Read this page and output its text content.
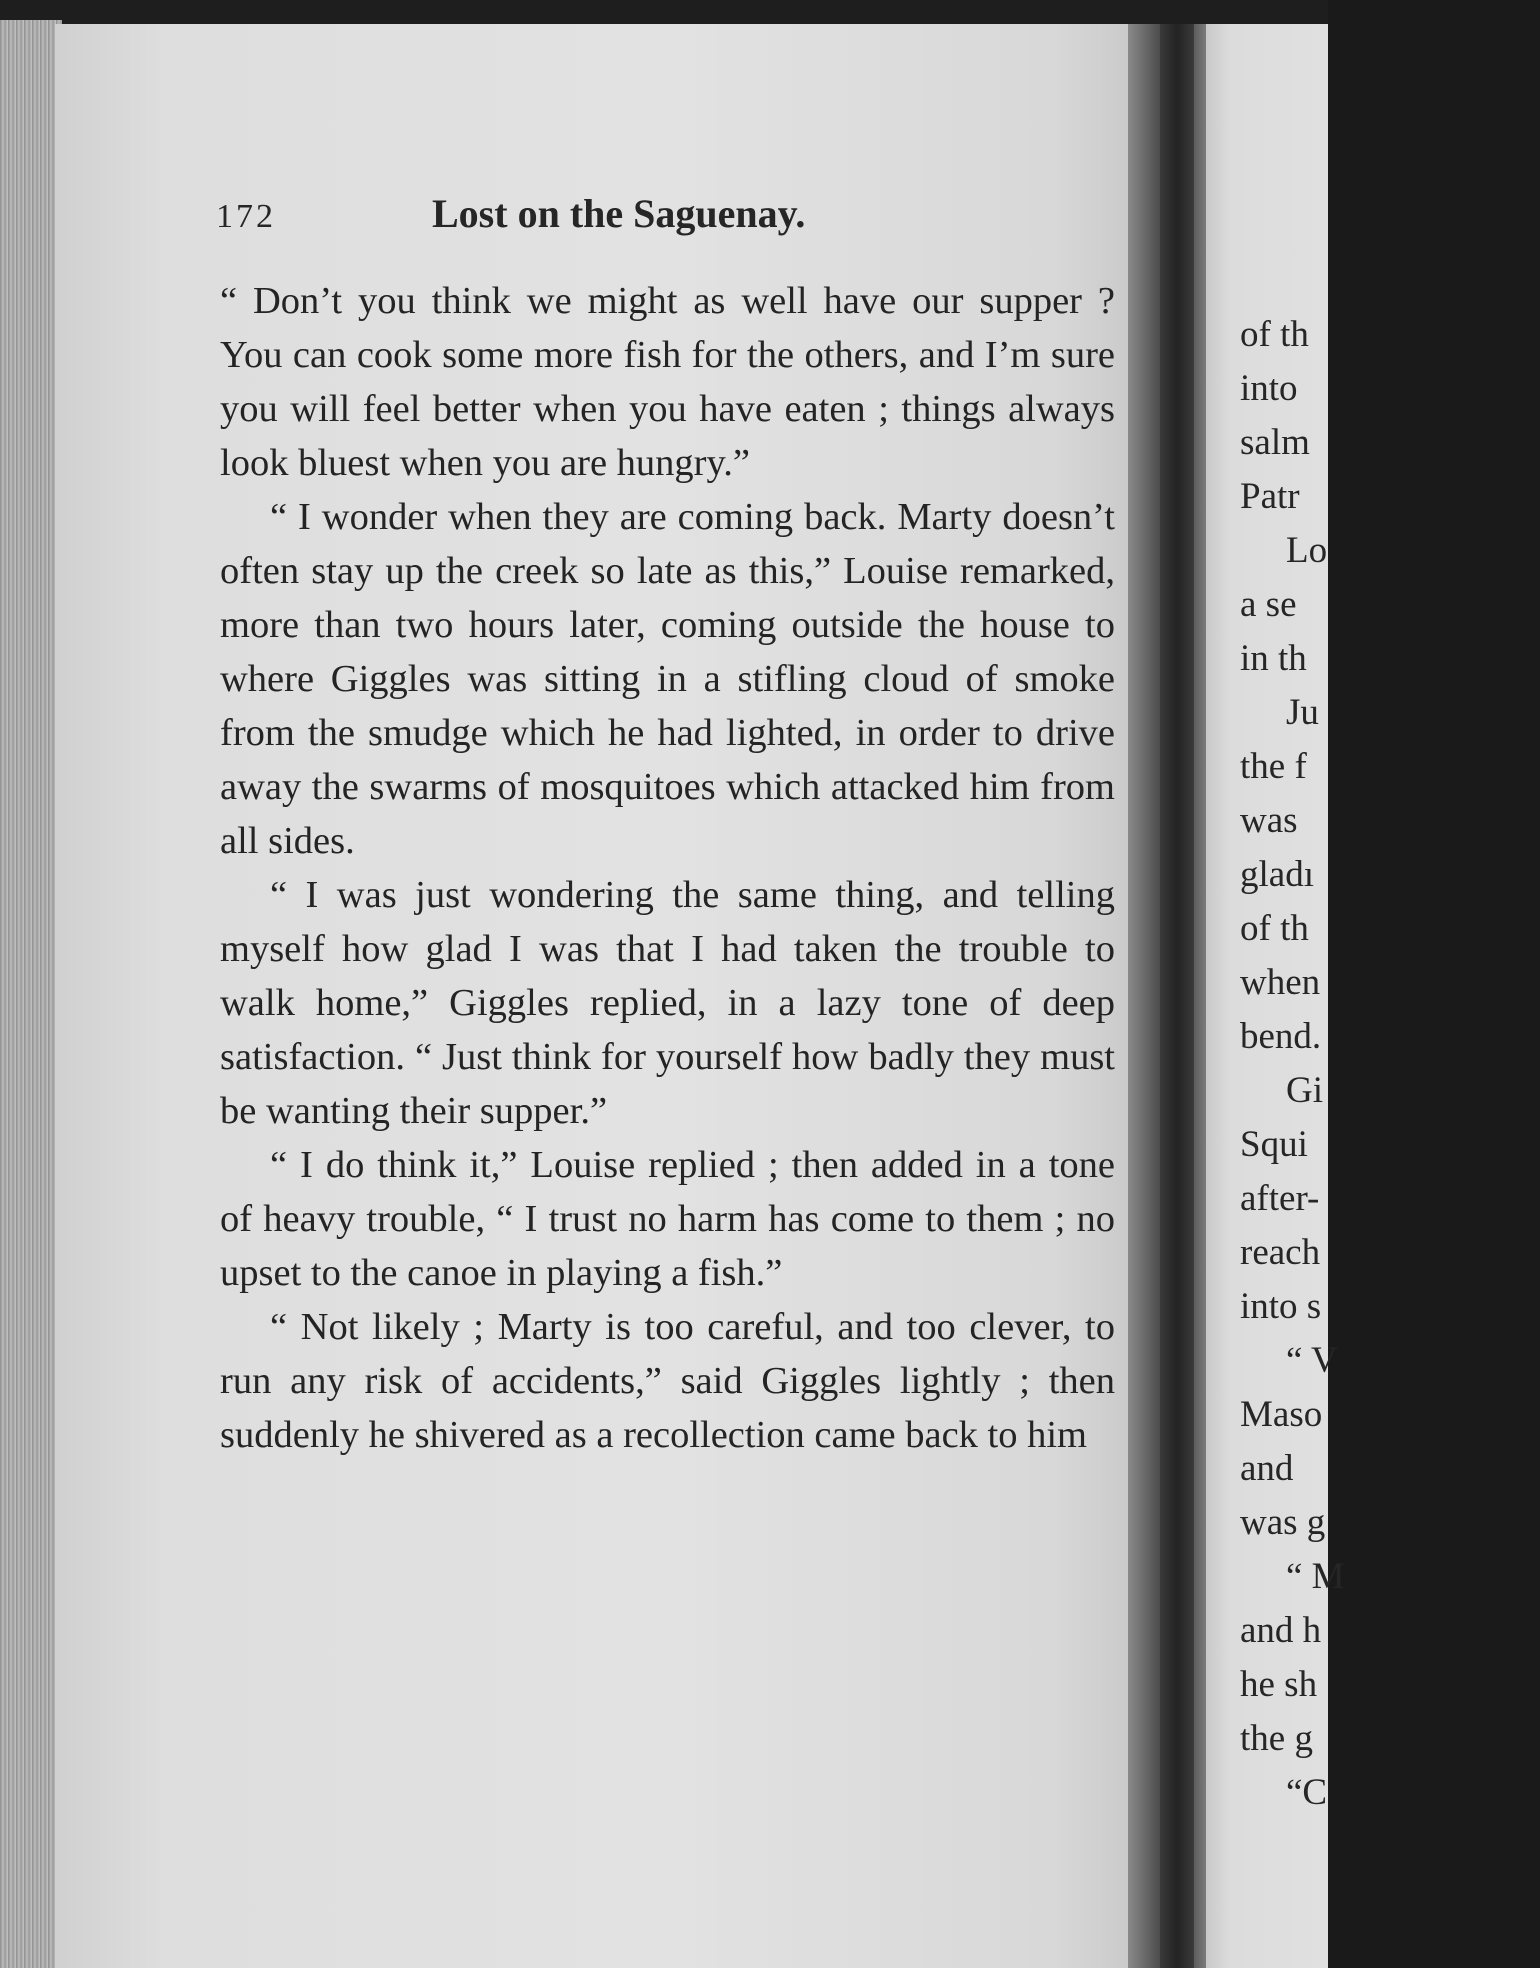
172	Lost on the Saguenay.

“ Don’t you think we might as well have our supper ? You can cook some more fish for the others, and I’m sure you will feel better when you have eaten ; things always look bluest when you are hungry.”

“ I wonder when they are coming back. Marty doesn’t often stay up the creek so late as this,” Louise remarked, more than two hours later, coming outside the house to where Giggles was sitting in a stifling cloud of smoke from the smudge which he had lighted, in order to drive away the swarms of mosquitoes which attacked him from all sides.

“ I was just wondering the same thing, and telling myself how glad I was that I had taken the trouble to walk home,” Giggles replied, in a lazy tone of deep satisfaction. “ Just think for yourself how badly they must be wanting their supper.”

“ I do think it,” Louise replied ; then added in a tone of heavy trouble, “ I trust no harm has come to them ; no upset to the canoe in playing a fish.”

“ Not likely ; Marty is too careful, and too clever, to run any risk of accidents,” said Giggles lightly ; then suddenly he shivered as a recollection came back to him

of th
into
salm
Patr
Lo
a se
in th
Ju
the f
was
gladı
of th
when
bend.
Gi
Squi
after-
reach
into s
“ V
Maso
and
was g
“ M
and h
he sh
the g
“C
